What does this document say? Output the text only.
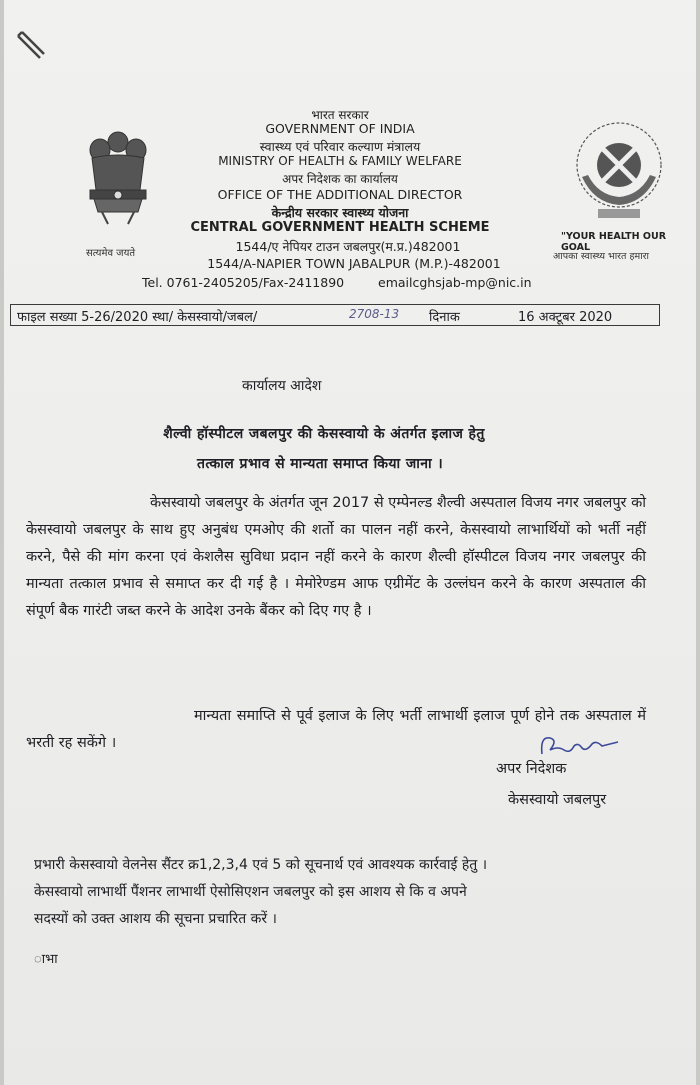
सत्यमेव जयते
"YOUR HEALTH OUR GOAL
आपका स्वास्थ्य भारत हमारा
भारत सरकार
GOVERNMENT OF INDIA
स्वास्थ्य एवं परिवार कल्याण मंत्रालय
MINISTRY OF HEALTH & FAMILY WELFARE
अपर निदेशक का कार्यालय
OFFICE OF THE ADDITIONAL DIRECTOR
केन्द्रीय सरकार स्वास्थ्य योजना
CENTRAL GOVERNMENT HEALTH SCHEME
1544/ए नेपियर टाउन जबलपुर(म.प्र.)482001
1544/A-NAPIER TOWN JABALPUR (M.P.)-482001
Tel. 0761-2405205/Fax-2411890	emailcghsjab-mp@nic.in
फाइल सख्या 5-26/2020 स्था/ केसस्वायो/जबल/	2708-13 दिनाक	16 अक्टूबर 2020
कार्यालय आदेश
शैल्वी हॉस्पीटल जबलपुर की केसस्वायो के अंतर्गत इलाज हेतु
तत्काल प्रभाव से मान्यता समाप्त किया जाना ।
केसस्वायो जबलपुर के अंतर्गत जून 2017 से एम्पेनल्ड शैल्वी अस्पताल विजय नगर जबलपुर को केसस्वायो जबलपुर के साथ हुए अनुबंध एमओए की शर्तो का पालन नहीं करने, केसस्वायो लाभार्थियों को भर्ती नहीं करने, पैसे की मांग करना एवं केशलैस सुविधा प्रदान नहीं करने के कारण शैल्वी हॉस्पीटल विजय नगर जबलपुर की मान्यता तत्काल प्रभाव से समाप्त कर दी गई है । मेमोरेण्डम आफ एग्रीमेंट के उल्लंघन करने के कारण अस्पताल की संपूर्ण बैक गारंटी जब्त करने के आदेश उनके बैंकर को दिए गए है ।
मान्यता समाप्ति से पूर्व इलाज के लिए भर्ती लाभार्थी इलाज पूर्ण होने तक अस्पताल में भरती रह सकेंगे ।
अपर निदेशक
केसस्वायो जबलपुर
प्रभारी केसस्वायो वेलनेस सैंटर क्र1,2,3,4 एवं 5 को सूचनार्थ एवं आवश्यक कार्रवाई हेतु ।
केसस्वायो लाभार्थी पैंशनर लाभार्थी ऐसोसिएशन जबलपुर को इस आशय से कि व अपने
सदस्यों को उक्त आशय की सूचना प्रचारित करें ।
ाभा
